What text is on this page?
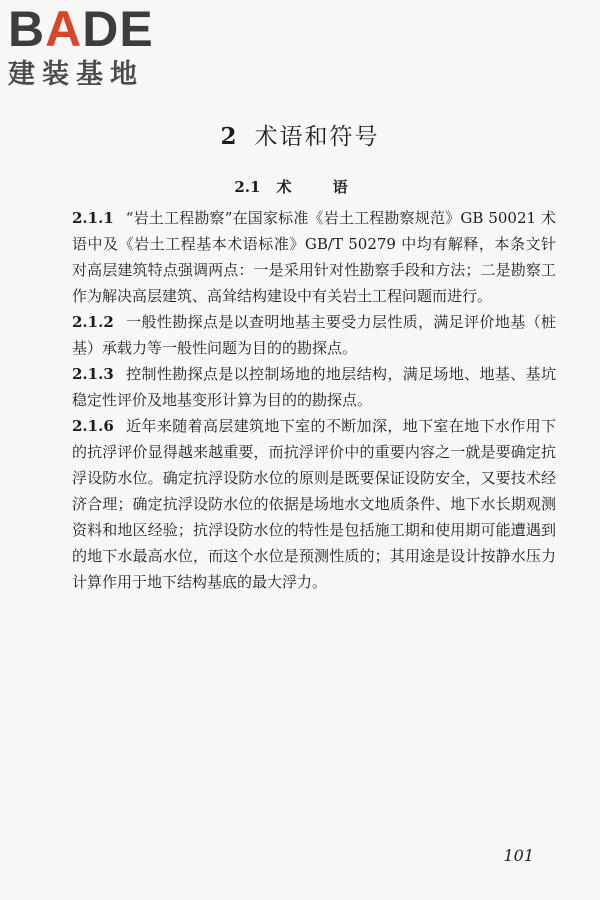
BADE
建装基地
2 术语和符号
2.1 术 语

2.1.1 “岩土工程勘察”在国家标准《岩土工程勘察规范》GB 50021 术语中及《岩土工程基本术语标准》GB/T 50279 中均有解释，本条文针对高层建筑特点强调两点：一是采用针对性勘察手段和方法；二是勘察工作为解决高层建筑、高耸结构建设中有关岩土工程问题而进行。

2.1.2 一般性勘探点是以查明地基主要受力层性质，满足评价地基（桩基）承载力等一般性问题为目的的勘探点。

2.1.3 控制性勘探点是以控制场地的地层结构，满足场地、地基、基坑稳定性评价及地基变形计算为目的的勘探点。

2.1.6 近年来随着高层建筑地下室的不断加深，地下室在地下水作用下的抗浮评价显得越来越重要，而抗浮评价中的重要内容之一就是要确定抗浮设防水位。确定抗浮设防水位的原则是既要保证设防安全，又要技术经济合理；确定抗浮设防水位的依据是场地水文地质条件、地下水长期观测资料和地区经验；抗浮设防水位的特性是包括施工期和使用期可能遭遇到的地下水最高水位，而这个水位是预测性质的；其用途是设计按静水压力计算作用于地下结构基底的最大浮力。

101
